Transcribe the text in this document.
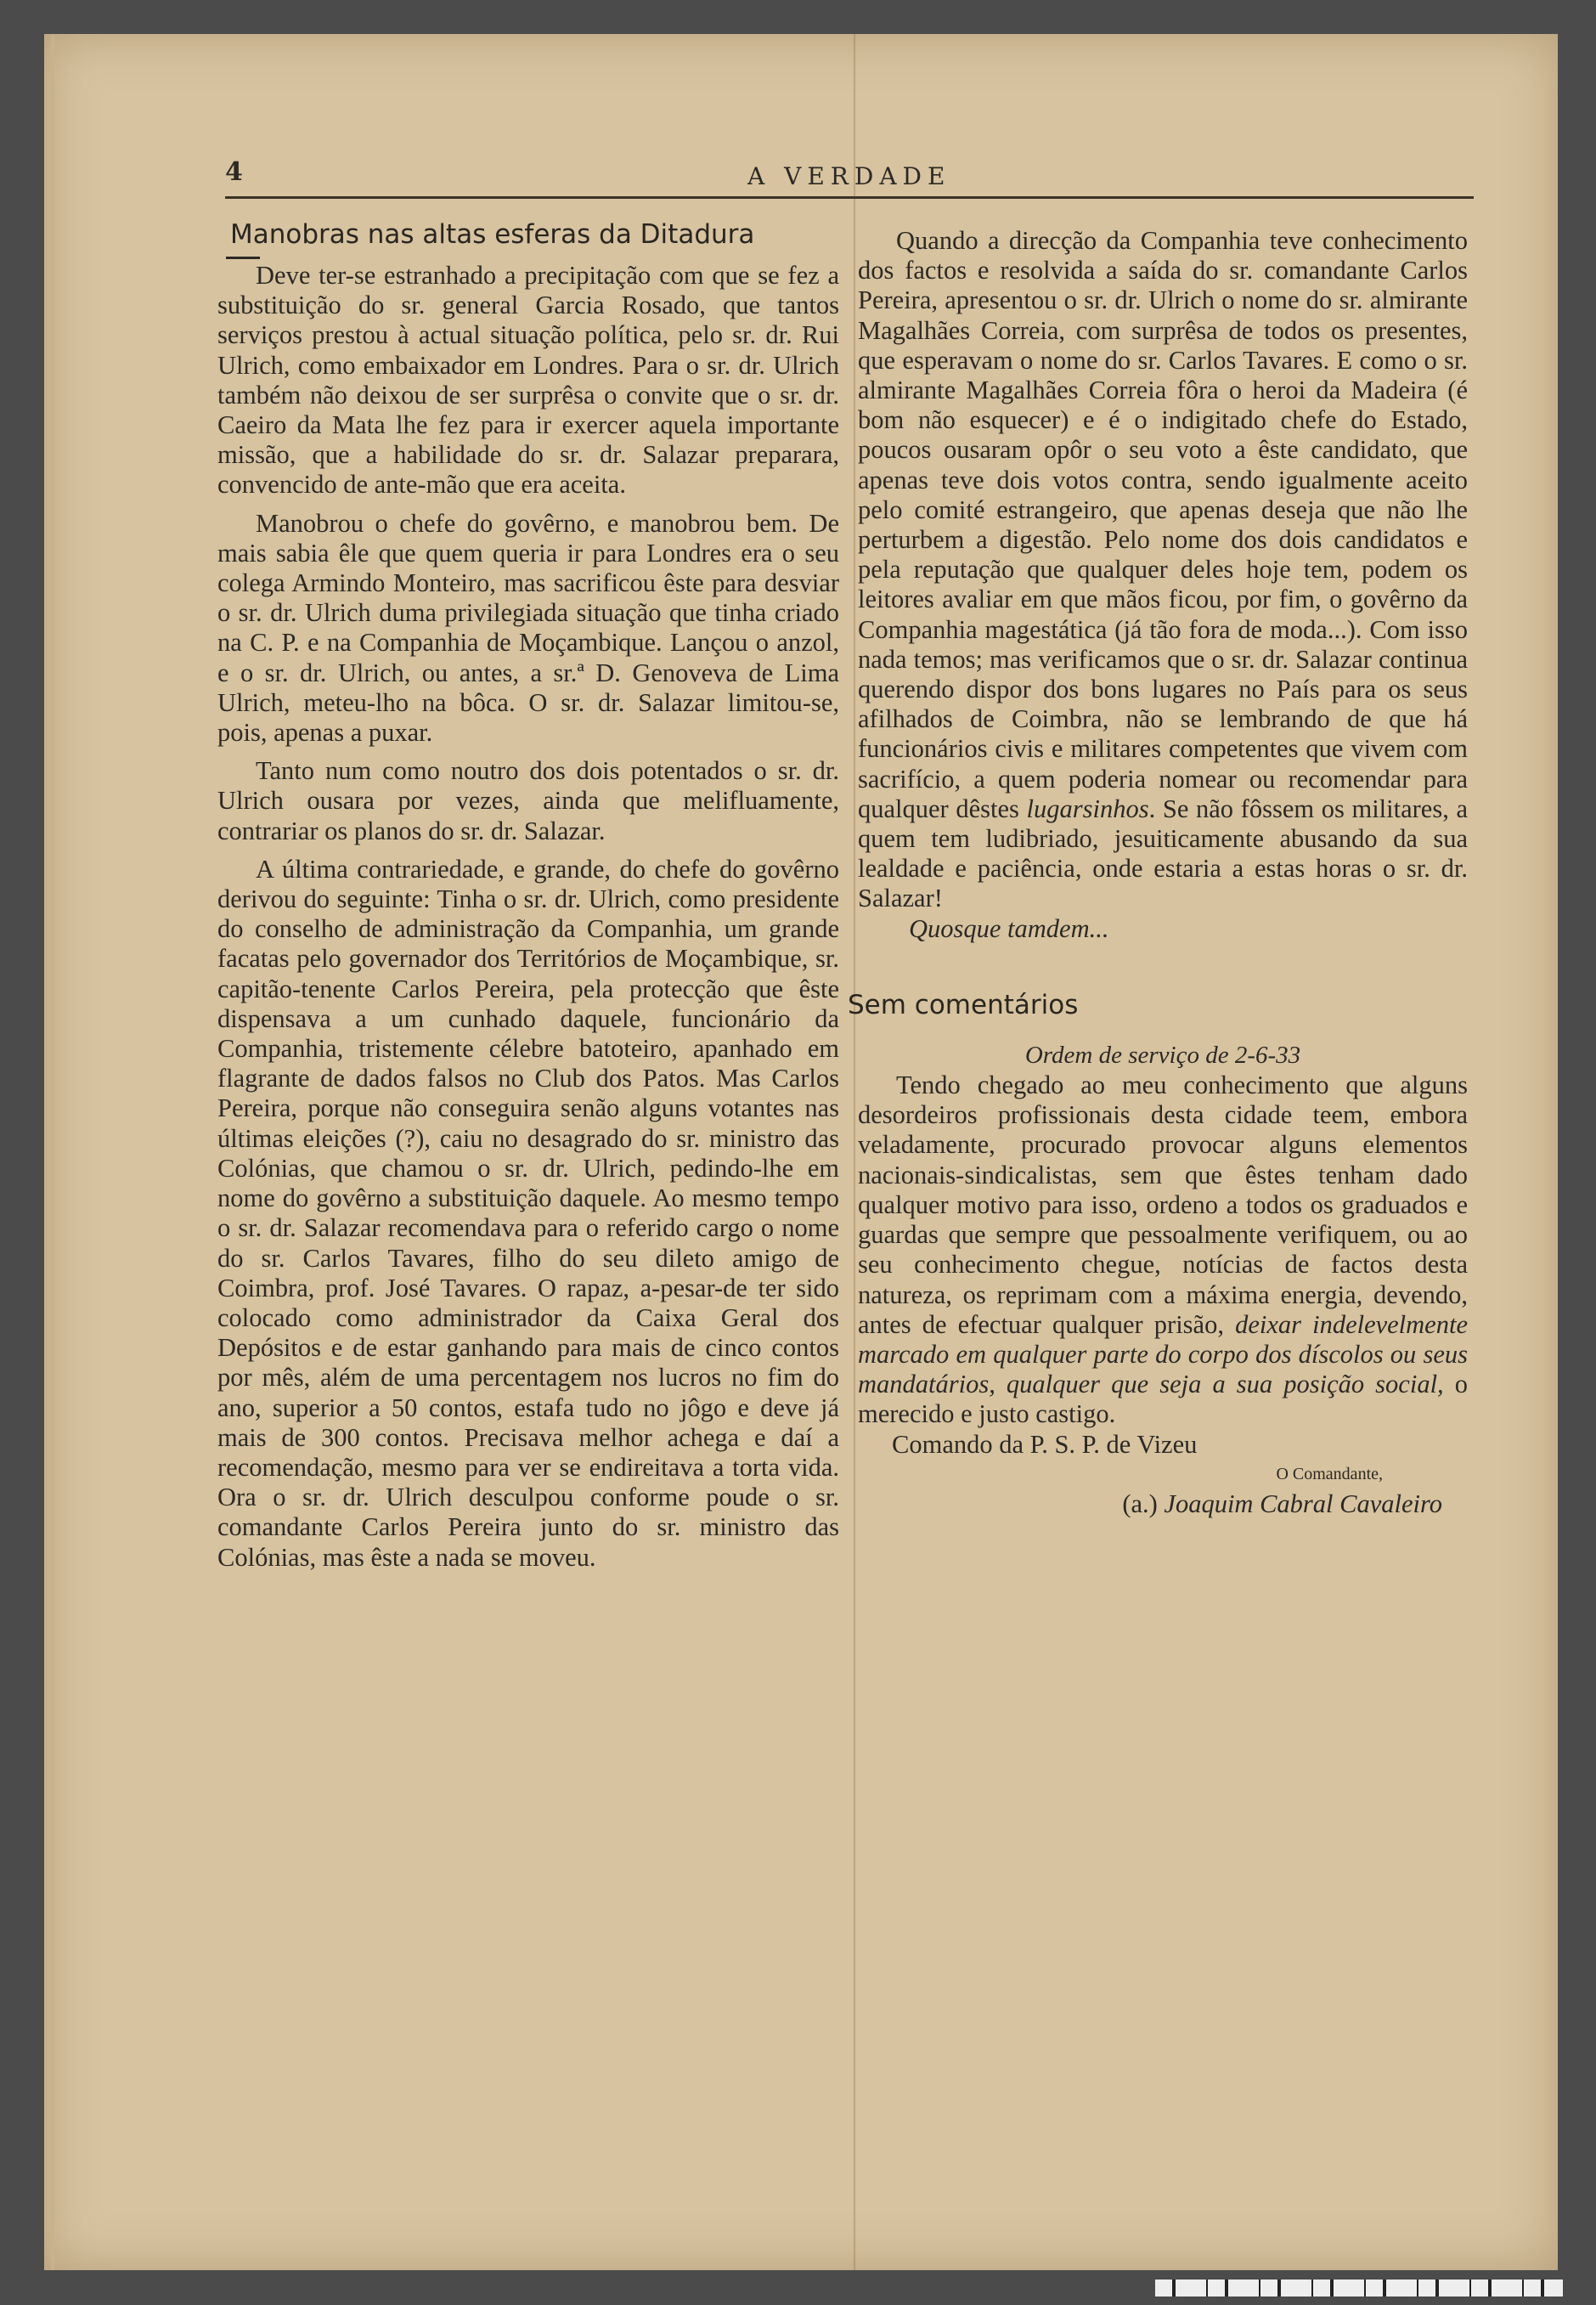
4	A VERDADE
Manobras nas altas esferas da Ditadura

Deve ter-se estranhado a precipitação com que se fez a substituição do sr. general Garcia Rosado, que tantos serviços prestou à actual situação política, pelo sr. dr. Rui Ulrich, como embaixador em Londres. Para o sr. dr. Ulrich também não deixou de ser surprêsa o convite que o sr. dr. Caeiro da Mata lhe fez para ir exercer aquela importante missão, que a habilidade do sr. dr. Salazar preparara, convencido de ante-mão que era aceita.

Manobrou o chefe do govêrno, e manobrou bem. De mais sabia êle que quem queria ir para Londres era o seu colega Armindo Monteiro, mas sacrificou êste para desviar o sr. dr. Ulrich duma privilegiada situação que tinha criado na C. P. e na Companhia de Moçambique. Lançou o anzol, e o sr. dr. Ulrich, ou antes, a sr.ª D. Genoveva de Lima Ulrich, meteu-lho na bôca. O sr. dr. Salazar limitou-se, pois, apenas a puxar.

Tanto num como noutro dos dois potentados o sr. dr. Ulrich ousara por vezes, ainda que melifluamente, contrariar os planos do sr. dr. Salazar.

A última contrariedade, e grande, do chefe do govêrno derivou do seguinte: Tinha o sr. dr. Ulrich, como presidente do conselho de administração da Companhia, um grande facatas pelo governador dos Territórios de Moçambique, sr. capitão-tenente Carlos Pereira, pela protecção que êste dispensava a um cunhado daquele, funcionário da Companhia, tristemente célebre batoteiro, apanhado em flagrante de dados falsos no Club dos Patos. Mas Carlos Pereira, porque não conseguira senão alguns votantes nas últimas eleições (?), caiu no desagrado do sr. ministro das Colónias, que chamou o sr. dr. Ulrich, pedindo-lhe em nome do govêrno a substituição daquele. Ao mesmo tempo o sr. dr. Salazar recomendava para o referido cargo o nome do sr. Carlos Tavares, filho do seu dileto amigo de Coimbra, prof. José Tavares. O rapaz, a-pesar-de ter sido colocado como administrador da Caixa Geral dos Depósitos e de estar ganhando para mais de cinco contos por mês, além de uma percentagem nos lucros no fim do ano, superior a 50 contos, estafa tudo no jôgo e deve já mais de 300 contos. Precisava melhor achega e daí a recomendação, mesmo para ver se endireitava a torta vida. Ora o sr. dr. Ulrich desculpou conforme poude o sr. comandante Carlos Pereira junto do sr. ministro das Colónias, mas êste a nada se moveu.

Quando a direcção da Companhia teve conhecimento dos factos e resolvida a saída do sr. comandante Carlos Pereira, apresentou o sr. dr. Ulrich o nome do sr. almirante Magalhães Correia, com surprêsa de todos os presentes, que esperavam o nome do sr. Carlos Tavares. E como o sr. almirante Magalhães Correia fôra o heroi da Madeira (é bom não esquecer) e é o indigitado chefe do Estado, poucos ousaram opôr o seu voto a êste candidato, que apenas teve dois votos contra, sendo igualmente aceito pelo comité estrangeiro, que apenas deseja que não lhe perturbem a digestão. Pelo nome dos dois candidatos e pela reputação que qualquer deles hoje tem, podem os leitores avaliar em que mãos ficou, por fim, o govêrno da Companhia magestática (já tão fora de moda...). Com isso nada temos; mas verificamos que o sr. dr. Salazar continua querendo dispor dos bons lugares no País para os seus afilhados de Coimbra, não se lembrando de que há funcionários civis e militares competentes que vivem com sacrifício, a quem poderia nomear ou recomendar para qualquer dêstes lugarsinhos. Se não fôssem os militares, a quem tem ludibriado, jesuiticamente abusando da sua lealdade e paciência, onde estaria a estas horas o sr. dr. Salazar!

Quosque tamdem...

Sem comentários

Ordem de serviço de 2-6-33

Tendo chegado ao meu conhecimento que alguns desordeiros profissionais desta cidade teem, embora veladamente, procurado provocar alguns elementos nacionais-sindicalistas, sem que êstes tenham dado qualquer motivo para isso, ordeno a todos os graduados e guardas que sempre que pessoalmente verifiquem, ou ao seu conhecimento chegue, notícias de factos desta natureza, os reprimam com a máxima energia, devendo, antes de efectuar qualquer prisão, deixar indelevelmente marcado em qualquer parte do corpo dos díscolos ou seus mandatários, qualquer que seja a sua posição social, o merecido e justo castigo.

Comando da P. S. P. de Vizeu

O Comandante,

(a.) Joaquim Cabral Cavaleiro
